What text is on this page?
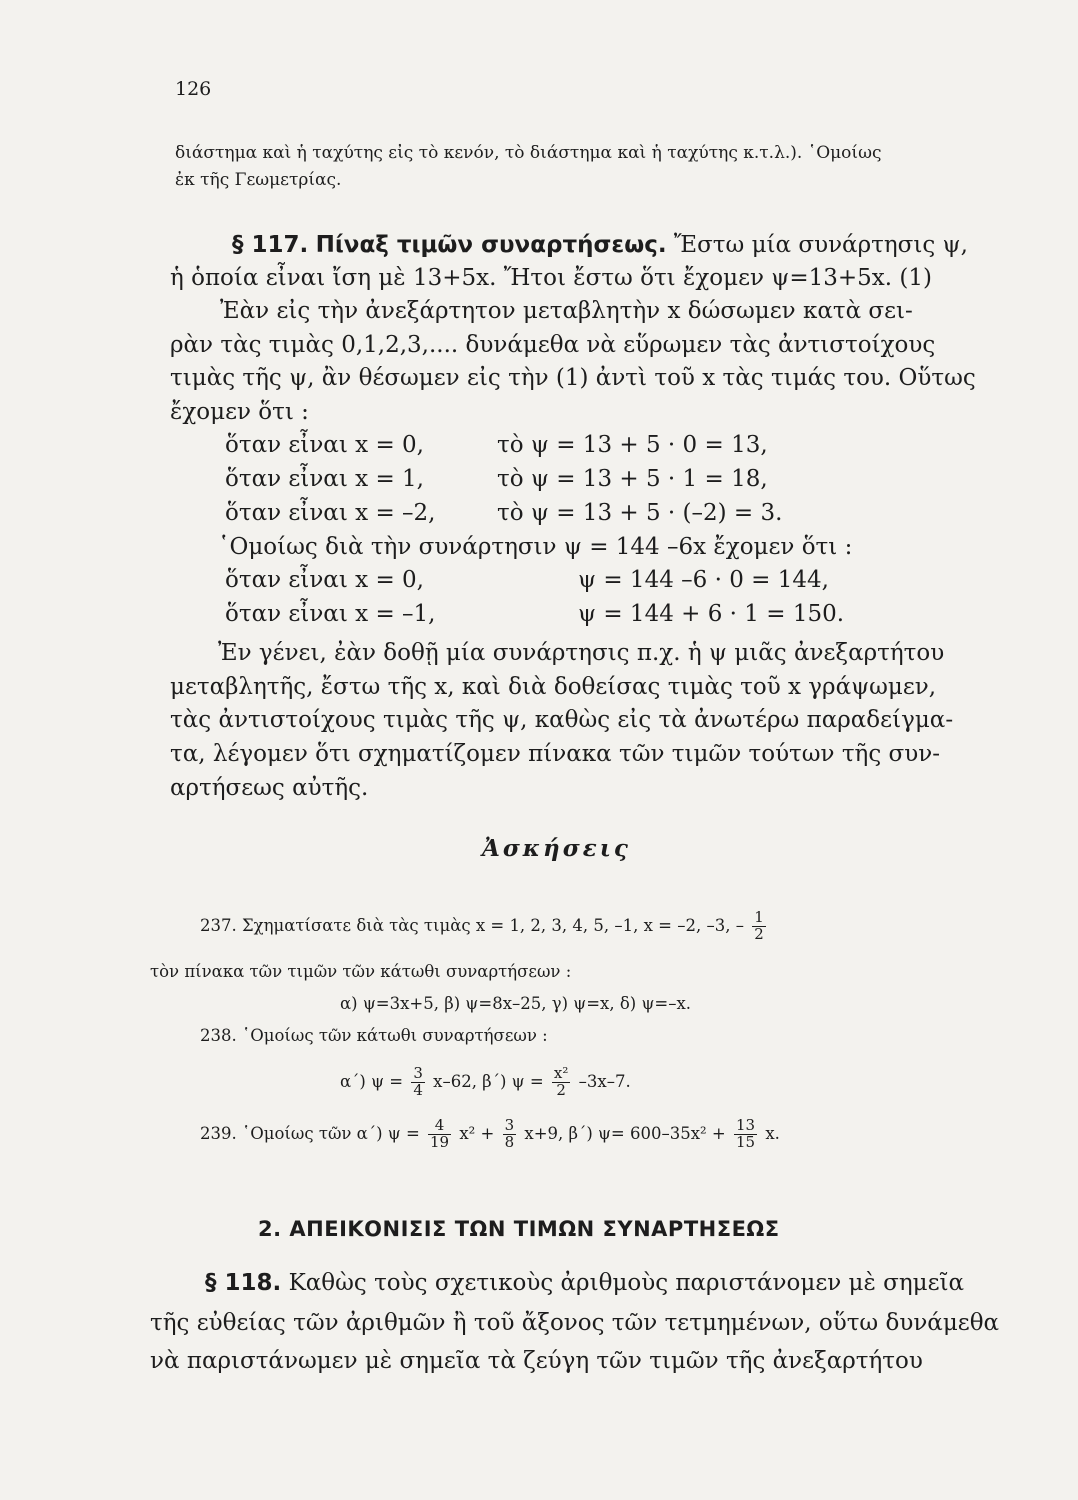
126
διάστημα καὶ ἡ ταχύτης εἰς τὸ κενόν, τὸ διάστημα καὶ ἡ ταχύτης κ.τ.λ.). ῾Ομοίως
ἐκ τῆς Γεωμετρίας.
§ 117. Πίναξ τιμῶν συναρτήσεως. Ἔστω μία συνάρτησις ψ,
ἡ ὁποία εἶναι ἴση μὲ 13+5x. Ἤτοι ἔστω ὅτι ἔχομεν ψ=13+5x. (1)
Ἐὰν εἰς τὴν ἀνεξάρτητον μεταβλητὴν x δώσωμεν κατὰ σει-
ρὰν τὰς τιμὰς 0,1,2,3,.... δυνάμεθα νὰ εὕρωμεν τὰς ἀντιστοίχους
τιμὰς τῆς ψ, ἂν θέσωμεν εἰς τὴν (1) ἀντὶ τοῦ x τὰς τιμάς του. Οὕτως
ἔχομεν ὅτι :
ὅταν εἶναι x = 0,	τὸ ψ = 13 + 5 · 0 = 13,
ὅταν εἶναι x = 1,	τὸ ψ = 13 + 5 · 1 = 18,
ὅταν εἶναι x = –2,	τὸ ψ = 13 + 5 · (–2) = 3.
῾Ομοίως διὰ τὴν συνάρτησιν ψ = 144 –6x ἔχομεν ὅτι :
ὅταν εἶναι x = 0,	ψ = 144 –6 · 0 = 144,
ὅταν εἶναι x = –1,	ψ = 144 + 6 · 1 = 150.
Ἐν γένει, ἐὰν δοθῇ μία συνάρτησις π.χ. ἡ ψ μιᾶς ἀνεξαρτήτου
μεταβλητῆς, ἔστω τῆς x, καὶ διὰ δοθείσας τιμὰς τοῦ x γράψωμεν,
τὰς ἀντιστοίχους τιμὰς τῆς ψ, καθὼς εἰς τὰ ἀνωτέρω παραδείγμα-
τα, λέγομεν ὅτι σχηματίζομεν πίνακα τῶν τιμῶν τούτων τῆς συν-
αρτήσεως αὐτῆς.
Ἀσκήσεις
237. Σχηματίσατε διὰ τὰς τιμὰς x = 1, 2, 3, 4, 5, –1, x = –2, –3, – $\frac{1}{2}$
τὸν πίνακα τῶν τιμῶν τῶν κάτωθι συναρτήσεων :
α) ψ=3x+5, β) ψ=8x–25, γ) ψ=x, δ) ψ=–x.
238. ῾Ομοίως τῶν κάτωθι συναρτήσεων :
α΄) $\psi = \frac{3}{4} x-62$, β΄) $\psi = \frac{\text{x²}}{2} -3x-7$.
239. ῾Ομοίως τῶν α΄) $\psi = \frac{4}{19} x^2 + \frac{3}{8} x+9$, β΄) $\psi= 600-35x^2 + \frac{13}{15} x$.
2. ΑΠΕΙΚΟΝΙΣΙΣ ΤΩΝ ΤΙΜΩΝ ΣΥΝΑΡΤΗΣΕΩΣ
§ 118. Καθὼς τοὺς σχετικοὺς ἀριθμοὺς παριστάνομεν μὲ σημεῖα
τῆς εὐθείας τῶν ἀριθμῶν ἢ τοῦ ἄξονος τῶν τετμημένων, οὕτω δυνάμεθα
νὰ παριστάνωμεν μὲ σημεῖα τὰ ζεύγη τῶν τιμῶν τῆς ἀνεξαρτήτου
